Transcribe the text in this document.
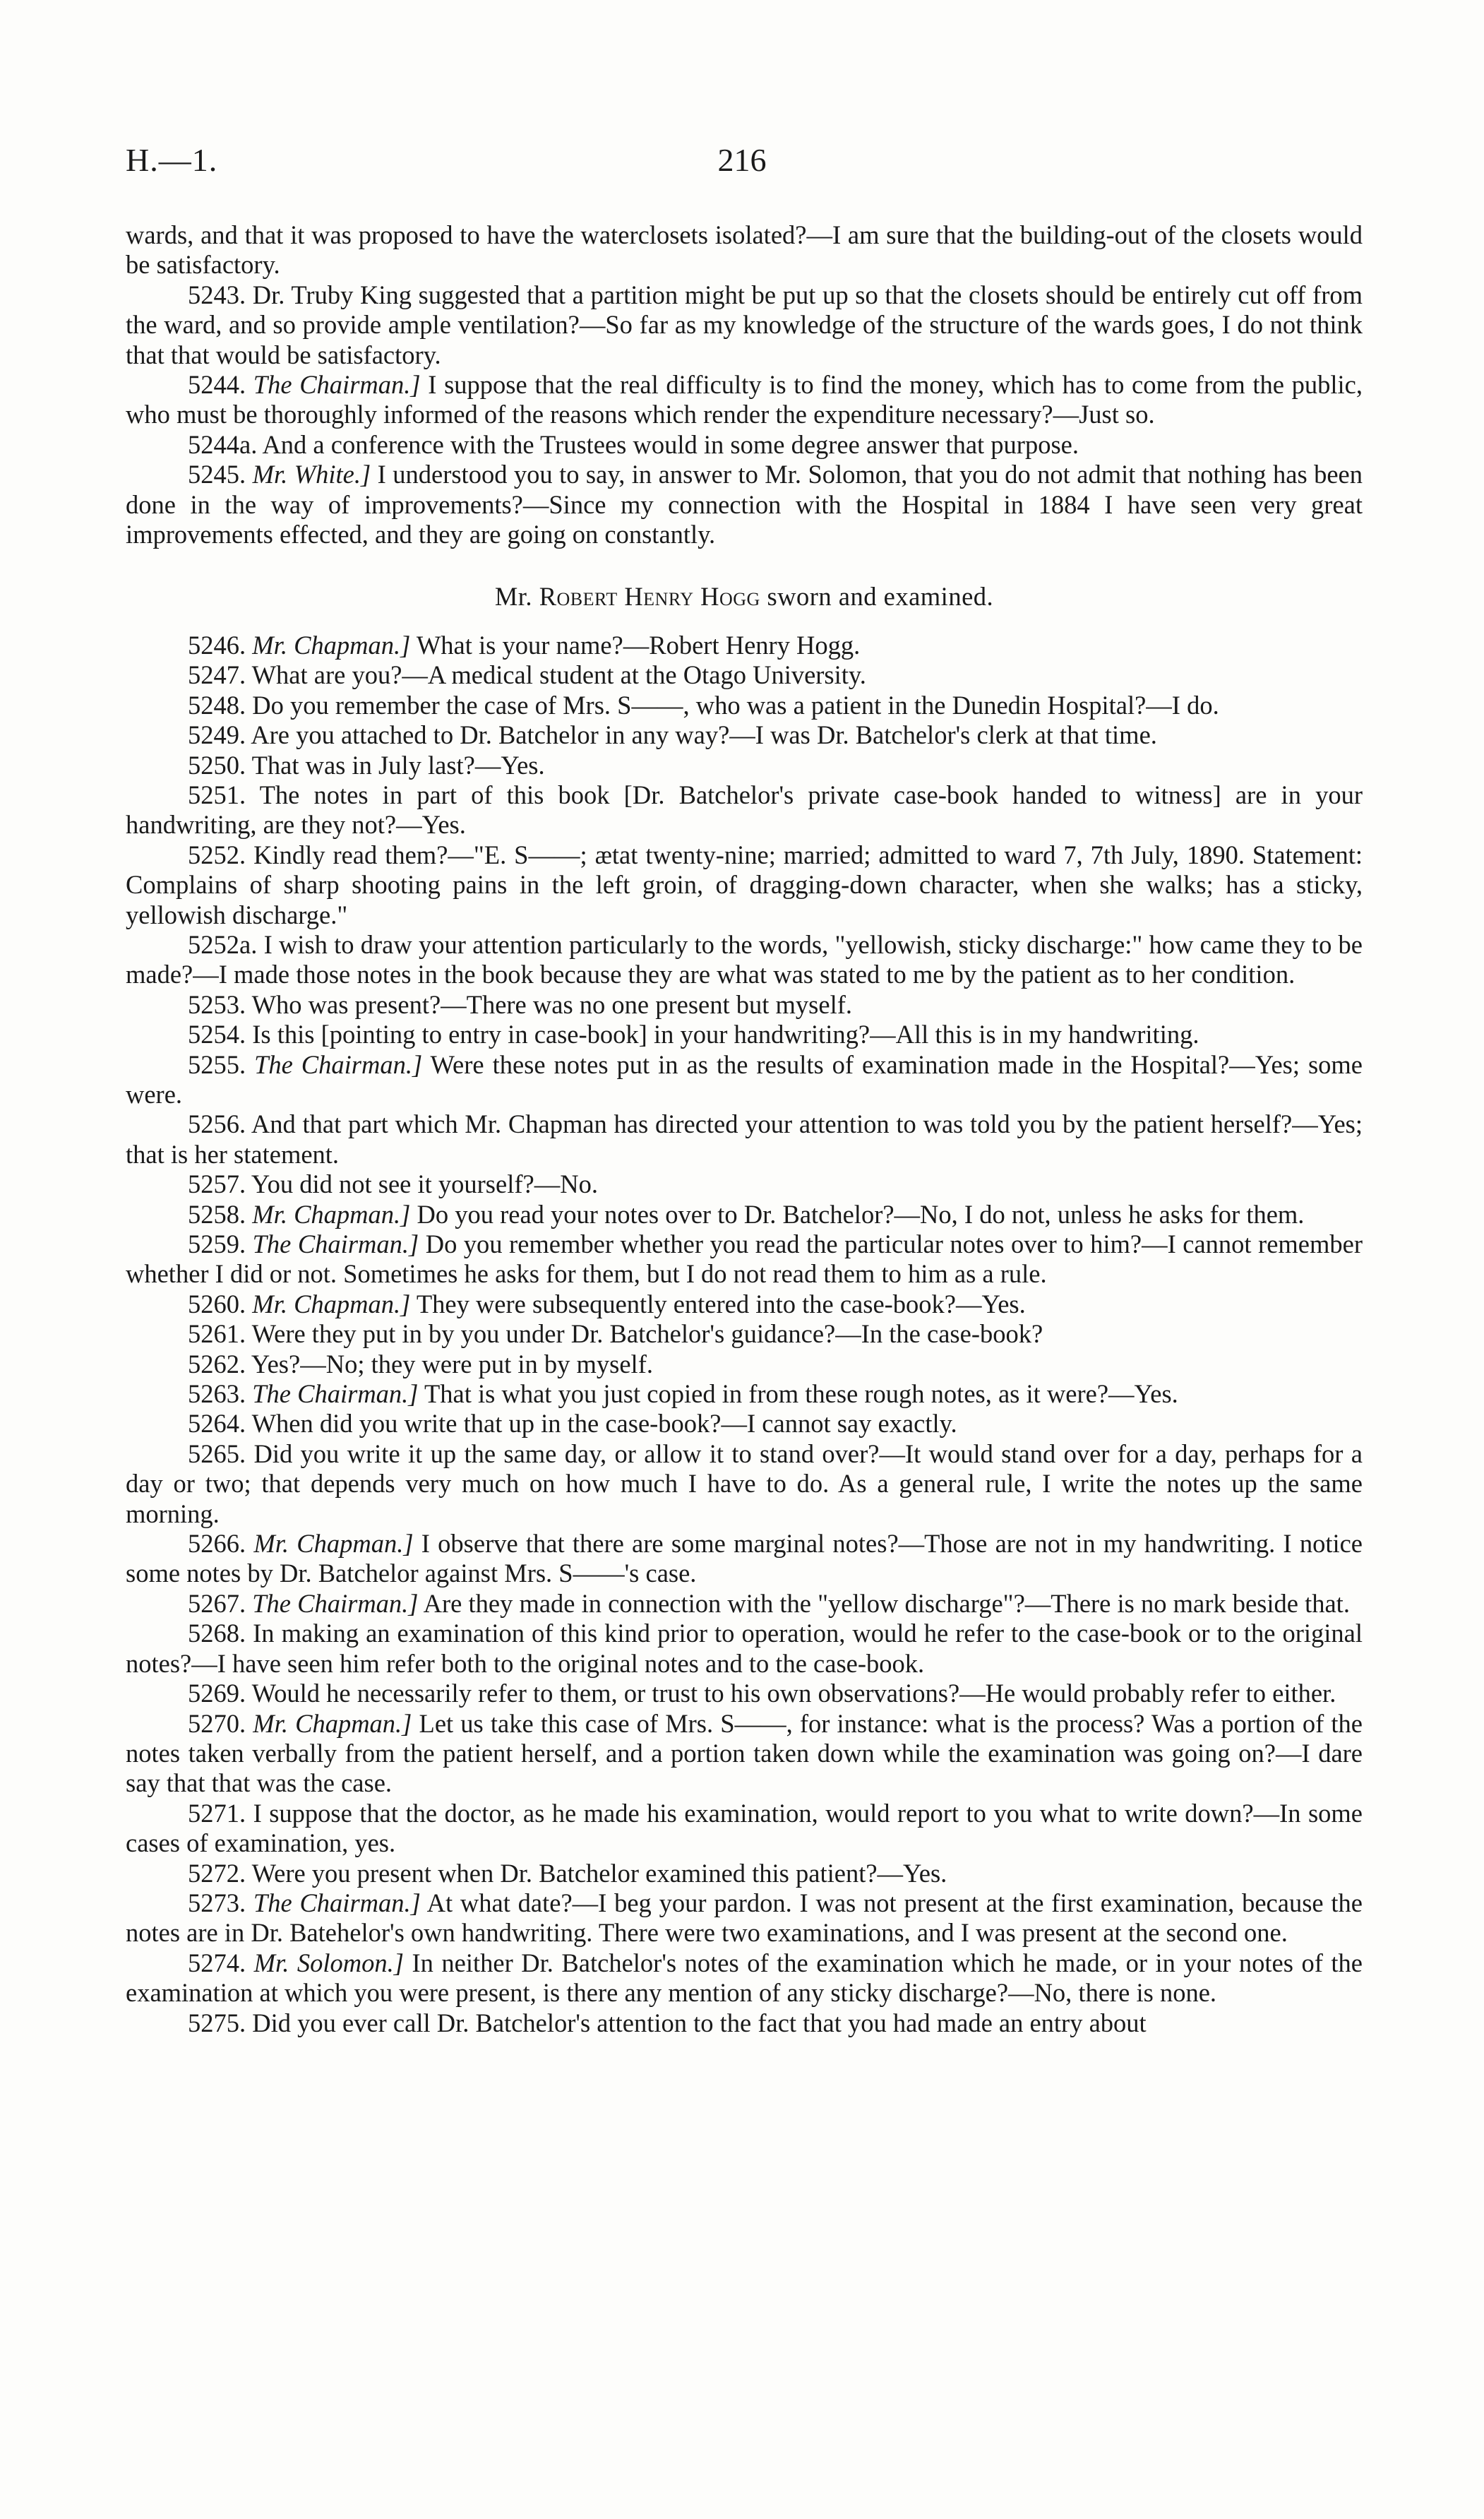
H.—1.	216

wards, and that it was proposed to have the waterclosets isolated?—I am sure that the building-out of the closets would be satisfactory.

5243. Dr. Truby King suggested that a partition might be put up so that the closets should be entirely cut off from the ward, and so provide ample ventilation?—So far as my knowledge of the structure of the wards goes, I do not think that that would be satisfactory.

5244. The Chairman.] I suppose that the real difficulty is to find the money, which has to come from the public, who must be thoroughly informed of the reasons which render the expenditure necessary?—Just so.

5244a. And a conference with the Trustees would in some degree answer that purpose.

5245. Mr. White.] I understood you to say, in answer to Mr. Solomon, that you do not admit that nothing has been done in the way of improvements?—Since my connection with the Hospital in 1884 I have seen very great improvements effected, and they are going on constantly.

Mr. Robert Henry Hogg sworn and examined.

5246. Mr. Chapman.] What is your name?—Robert Henry Hogg.

5247. What are you?—A medical student at the Otago University.

5248. Do you remember the case of Mrs. S——, who was a patient in the Dunedin Hospital?—I do.

5249. Are you attached to Dr. Batchelor in any way?—I was Dr. Batchelor's clerk at that time.

5250. That was in July last?—Yes.

5251. The notes in part of this book [Dr. Batchelor's private case-book handed to witness] are in your handwriting, are they not?—Yes.

5252. Kindly read them?—"E. S——; ætat twenty-nine; married; admitted to ward 7, 7th July, 1890. Statement: Complains of sharp shooting pains in the left groin, of dragging-down character, when she walks; has a sticky, yellowish discharge."

5252a. I wish to draw your attention particularly to the words, "yellowish, sticky discharge:" how came they to be made?—I made those notes in the book because they are what was stated to me by the patient as to her condition.

5253. Who was present?—There was no one present but myself.

5254. Is this [pointing to entry in case-book] in your handwriting?—All this is in my handwriting.

5255. The Chairman.] Were these notes put in as the results of examination made in the Hospital?—Yes; some were.

5256. And that part which Mr. Chapman has directed your attention to was told you by the patient herself?—Yes; that is her statement.

5257. You did not see it yourself?—No.

5258. Mr. Chapman.] Do you read your notes over to Dr. Batchelor?—No, I do not, unless he asks for them.

5259. The Chairman.] Do you remember whether you read the particular notes over to him?—I cannot remember whether I did or not. Sometimes he asks for them, but I do not read them to him as a rule.

5260. Mr. Chapman.] They were subsequently entered into the case-book?—Yes.

5261. Were they put in by you under Dr. Batchelor's guidance?—In the case-book?

5262. Yes?—No; they were put in by myself.

5263. The Chairman.] That is what you just copied in from these rough notes, as it were?—Yes.

5264. When did you write that up in the case-book?—I cannot say exactly.

5265. Did you write it up the same day, or allow it to stand over?—It would stand over for a day, perhaps for a day or two; that depends very much on how much I have to do. As a general rule, I write the notes up the same morning.

5266. Mr. Chapman.] I observe that there are some marginal notes?—Those are not in my handwriting. I notice some notes by Dr. Batchelor against Mrs. S——'s case.

5267. The Chairman.] Are they made in connection with the "yellow discharge"?—There is no mark beside that.

5268. In making an examination of this kind prior to operation, would he refer to the case-book or to the original notes?—I have seen him refer both to the original notes and to the case-book.

5269. Would he necessarily refer to them, or trust to his own observations?—He would probably refer to either.

5270. Mr. Chapman.] Let us take this case of Mrs. S——, for instance: what is the process? Was a portion of the notes taken verbally from the patient herself, and a portion taken down while the examination was going on?—I dare say that that was the case.

5271. I suppose that the doctor, as he made his examination, would report to you what to write down?—In some cases of examination, yes.

5272. Were you present when Dr. Batchelor examined this patient?—Yes.

5273. The Chairman.] At what date?—I beg your pardon. I was not present at the first examination, because the notes are in Dr. Batehelor's own handwriting. There were two examinations, and I was present at the second one.

5274. Mr. Solomon.] In neither Dr. Batchelor's notes of the examination which he made, or in your notes of the examination at which you were present, is there any mention of any sticky discharge?—No, there is none.

5275. Did you ever call Dr. Batchelor's attention to the fact that you had made an entry about
